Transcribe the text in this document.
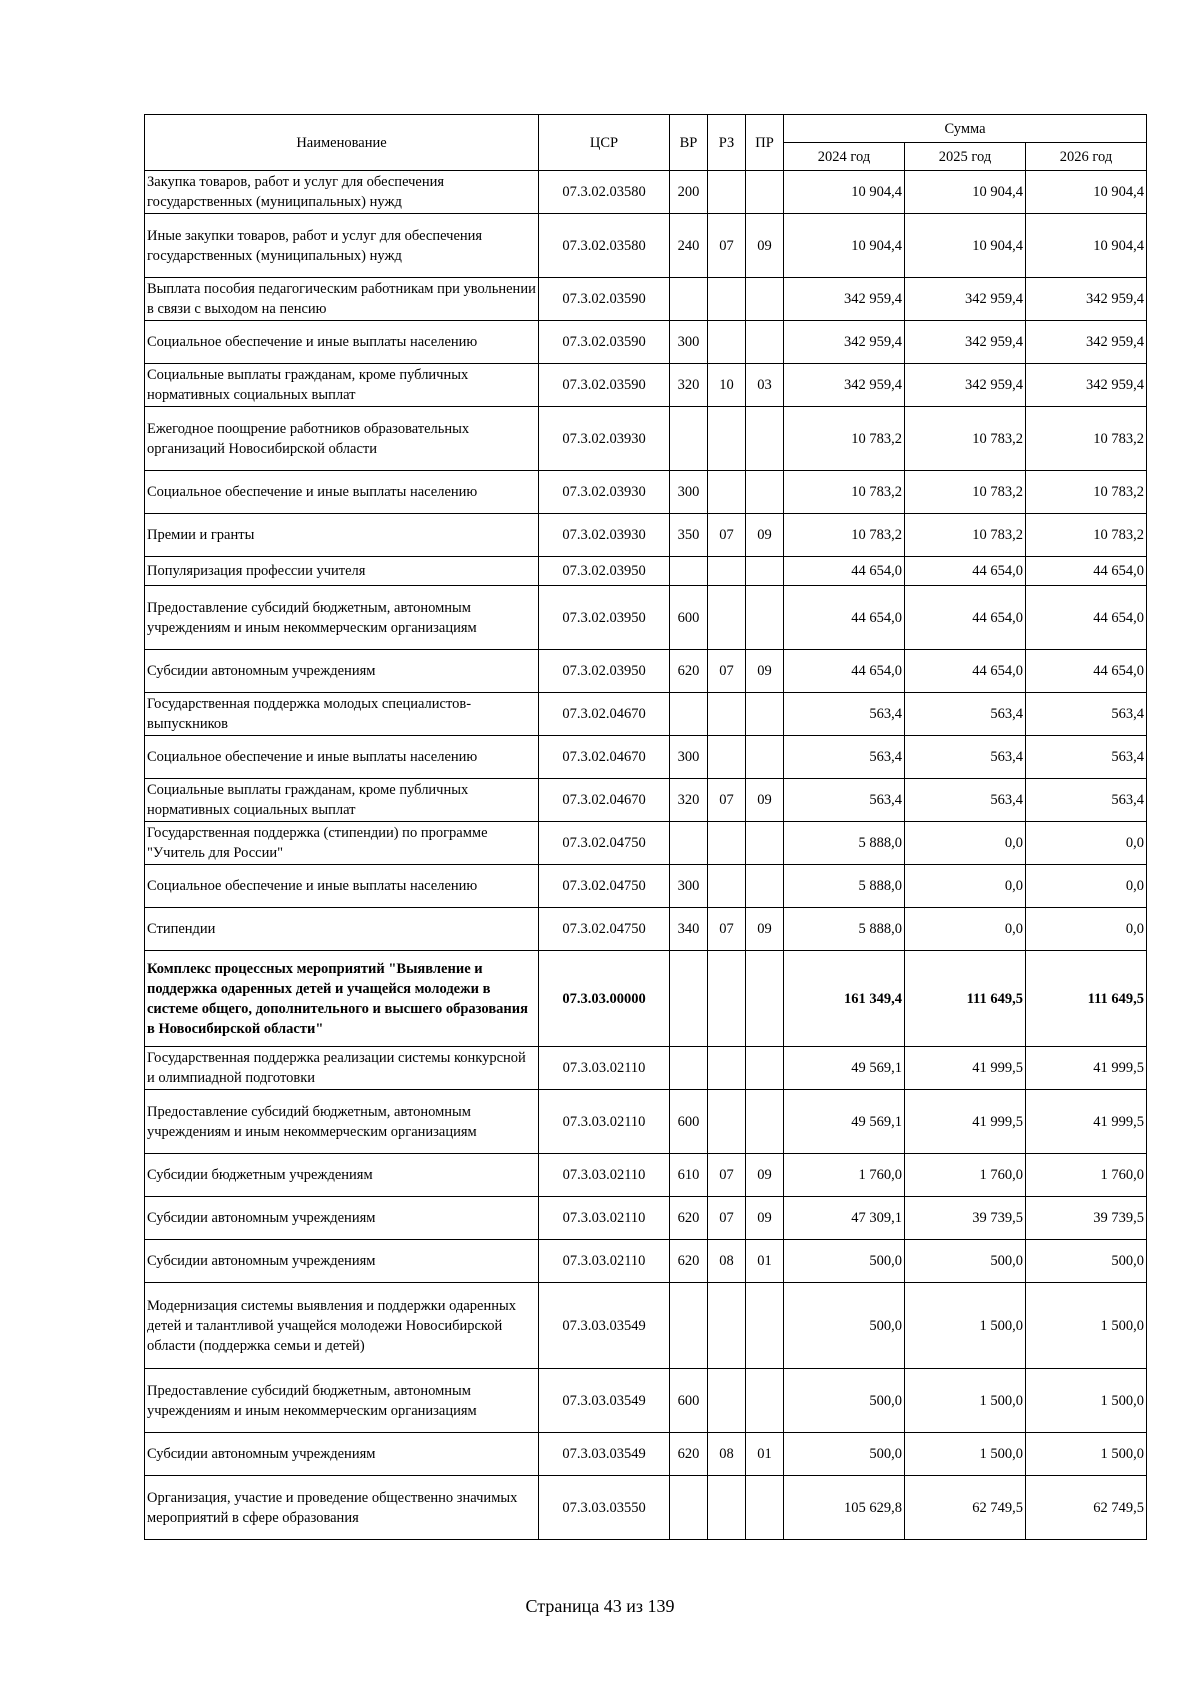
Наименование	ЦСР	ВР	РЗ	ПР	Сумма		
					2024 год	2025 год	2026 год
Закупка товаров, работ и услуг для обеспечения государственных (муниципальных) нужд	07.3.02.03580	200			10 904,4	10 904,4	10 904,4
Иные закупки товаров, работ и услуг для обеспечения государственных (муниципальных) нужд	07.3.02.03580	240	07	09	10 904,4	10 904,4	10 904,4
Выплата пособия педагогическим работникам при увольнении в связи с выходом на пенсию	07.3.02.03590				342 959,4	342 959,4	342 959,4
Социальное обеспечение и иные выплаты населению	07.3.02.03590	300			342 959,4	342 959,4	342 959,4
Социальные выплаты гражданам, кроме публичных нормативных социальных выплат	07.3.02.03590	320	10	03	342 959,4	342 959,4	342 959,4
Ежегодное поощрение работников образовательных организаций Новосибирской области	07.3.02.03930				10 783,2	10 783,2	10 783,2
Социальное обеспечение и иные выплаты населению	07.3.02.03930	300			10 783,2	10 783,2	10 783,2
Премии и гранты	07.3.02.03930	350	07	09	10 783,2	10 783,2	10 783,2
Популяризация профессии учителя	07.3.02.03950				44 654,0	44 654,0	44 654,0
Предоставление субсидий бюджетным, автономным учреждениям и иным некоммерческим организациям	07.3.02.03950	600			44 654,0	44 654,0	44 654,0
Субсидии автономным учреждениям	07.3.02.03950	620	07	09	44 654,0	44 654,0	44 654,0
Государственная поддержка молодых специалистов-выпускников	07.3.02.04670				563,4	563,4	563,4
Социальное обеспечение и иные выплаты населению	07.3.02.04670	300			563,4	563,4	563,4
Социальные выплаты гражданам, кроме публичных нормативных социальных выплат	07.3.02.04670	320	07	09	563,4	563,4	563,4
Государственная поддержка (стипендии) по программе "Учитель для России"	07.3.02.04750				5 888,0	0,0	0,0
Социальное обеспечение и иные выплаты населению	07.3.02.04750	300			5 888,0	0,0	0,0
Стипендии	07.3.02.04750	340	07	09	5 888,0	0,0	0,0
Комплекс процессных мероприятий "Выявление и поддержка одаренных детей и учащейся молодежи в системе общего, дополнительного и высшего образования в Новосибирской области"	07.3.03.00000				161 349,4	111 649,5	111 649,5
Государственная поддержка реализации системы конкурсной и олимпиадной подготовки	07.3.03.02110				49 569,1	41 999,5	41 999,5
Предоставление субсидий бюджетным, автономным учреждениям и иным некоммерческим организациям	07.3.03.02110	600			49 569,1	41 999,5	41 999,5
Субсидии бюджетным учреждениям	07.3.03.02110	610	07	09	1 760,0	1 760,0	1 760,0
Субсидии автономным учреждениям	07.3.03.02110	620	07	09	47 309,1	39 739,5	39 739,5
Субсидии автономным учреждениям	07.3.03.02110	620	08	01	500,0	500,0	500,0
Модернизация системы выявления и поддержки одаренных детей и талантливой учащейся молодежи Новосибирской области (поддержка семьи и детей)	07.3.03.03549				500,0	1 500,0	1 500,0
Предоставление субсидий бюджетным, автономным учреждениям и иным некоммерческим организациям	07.3.03.03549	600			500,0	1 500,0	1 500,0
Субсидии автономным учреждениям	07.3.03.03549	620	08	01	500,0	1 500,0	1 500,0
Организация, участие и проведение общественно значимых мероприятий в сфере образования	07.3.03.03550				105 629,8	62 749,5	62 749,5
Страница 43 из 139
